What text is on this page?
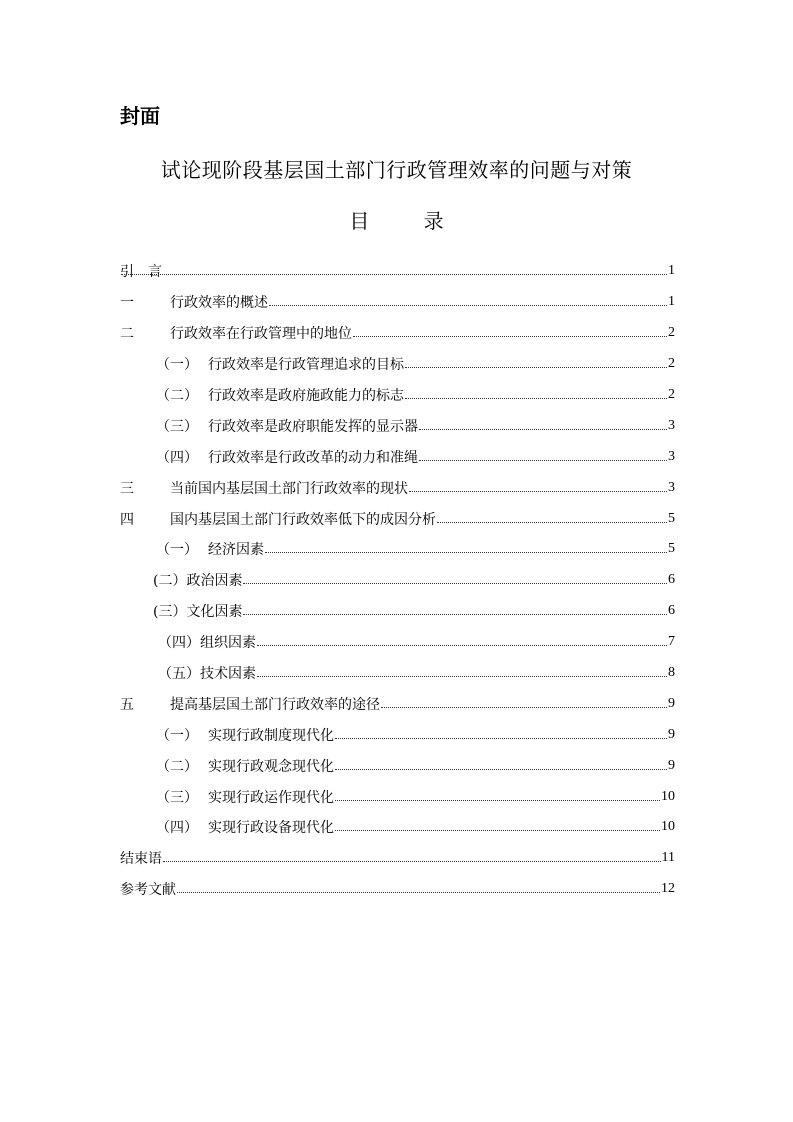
封面
试论现阶段基层国土部门行政管理效率的问题与对策
目	录
引　言	1
一	行政效率的概述	1
二	行政效率在行政管理中的地位	2
（一） 行政效率是行政管理追求的目标	2
（二） 行政效率是政府施政能力的标志	2
（三） 行政效率是政府职能发挥的显示器	3
（四） 行政效率是行政改革的动力和准绳	3
三	当前国内基层国土部门行政效率的现状	3
四	国内基层国土部门行政效率低下的成因分析	5
（一） 经济因素	5
(二） 政治因素	6
(三） 文化因素	6
（四） 组织因素	7
（五） 技术因素	8
五	提高基层国土部门行政效率的途径	9
（一） 实现行政制度现代化	9
（二） 实现行政观念现代化	9
（三） 实现行政运作现代化	10
（四） 实现行政设备现代化	10
结束语	11
参考文献	12
